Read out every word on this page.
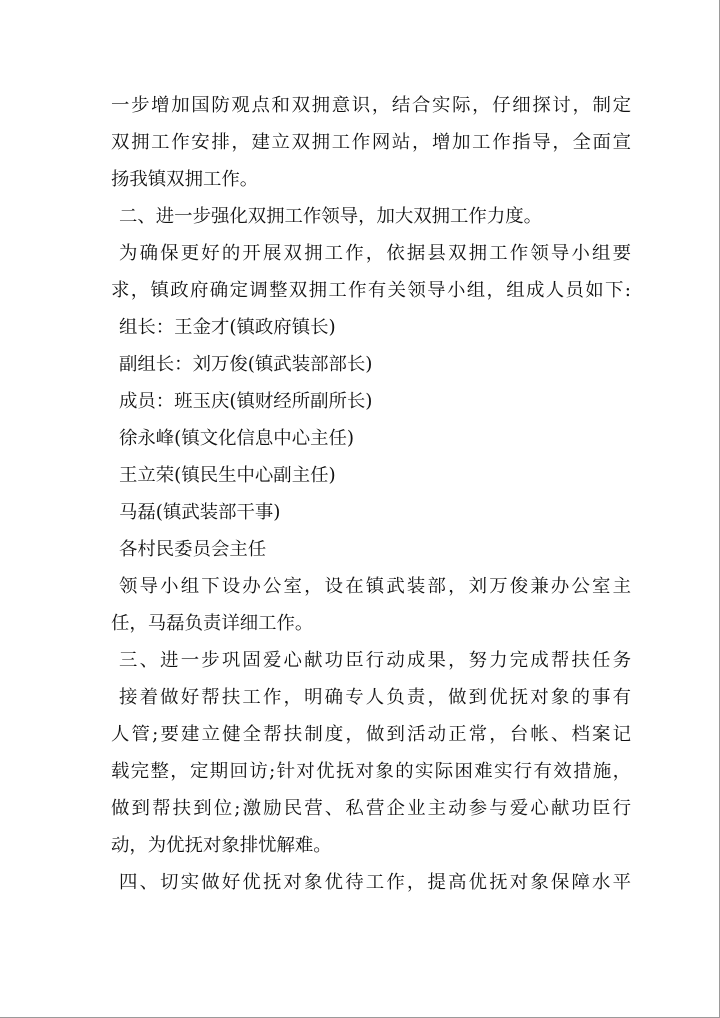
一步增加国防观点和双拥意识，结合实际，仔细探讨，制定
双拥工作安排，建立双拥工作网站，增加工作指导，全面宣
扬我镇双拥工作。
二、进一步强化双拥工作领导，加大双拥工作力度。
为确保更好的开展双拥工作，依据县双拥工作领导小组要
求，镇政府确定调整双拥工作有关领导小组，组成人员如下:
组长：王金才(镇政府镇长)
副组长：刘万俊(镇武装部部长)
成员：班玉庆(镇财经所副所长)
徐永峰(镇文化信息中心主任)
王立荣(镇民生中心副主任)
马磊(镇武装部干事)
各村民委员会主任
领导小组下设办公室，设在镇武装部，刘万俊兼办公室主
任，马磊负责详细工作。
三、进一步巩固爱心献功臣行动成果，努力完成帮扶任务
接着做好帮扶工作，明确专人负责，做到优抚对象的事有
人管;要建立健全帮扶制度，做到活动正常，台帐、档案记
载完整，定期回访;针对优抚对象的实际困难实行有效措施，
做到帮扶到位;激励民营、私营企业主动参与爱心献功臣行
动，为优抚对象排忧解难。
四、切实做好优抚对象优待工作，提高优抚对象保障水平
